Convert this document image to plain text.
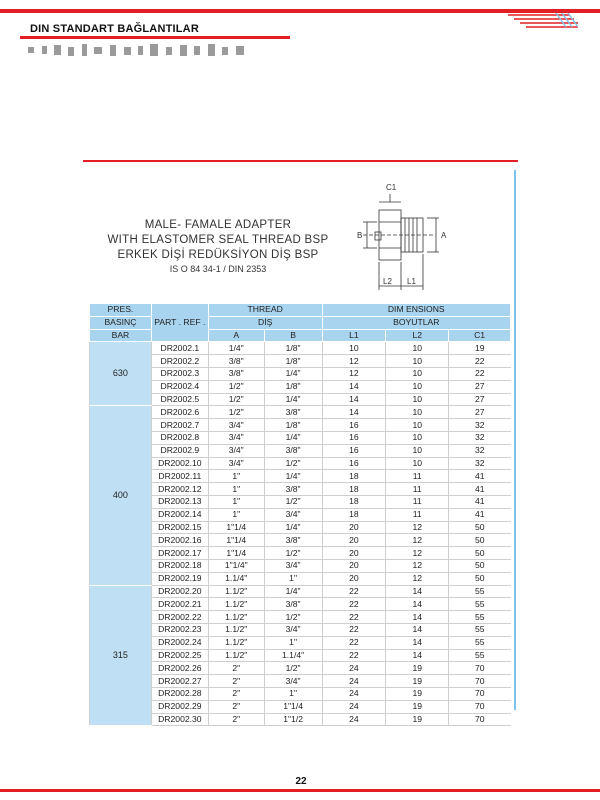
DIN STANDART BAĞLANTILAR
MALE- FAMALE ADAPTER
WITH ELASTOMER SEAL THREAD BSP
ERKEK DİŞİ REDÜKSİYON DİŞ BSP
IS O 84 34-1 / DIN 2353
C1
A
B
L2 L1
PRES.	PART . REF .	THREAD		DIM ENSIONS		
BASINÇ		DİŞ		BOYUTLAR		
BAR		A	B	L1	L2	C1
630	DR2002.1	1/4"	1/8"	10	10	19
	DR2002.2	3/8"	1/8"	12	10	22
	DR2002.3	3/8"	1/4"	12	10	22
	DR2002.4	1/2"	1/8"	14	10	27
	DR2002.5	1/2"	1/4"	14	10	27
400	DR2002.6	1/2"	3/8"	14	10	27
	DR2002.7	3/4"	1/8"	16	10	32
	DR2002.8	3/4"	1/4"	16	10	32
	DR2002.9	3/4"	3/8"	16	10	32
	DR2002.10	3/4"	1/2"	16	10	32
	DR2002.11	1"	1/4"	18	11	41
	DR2002.12	1"	3/8"	18	11	41
	DR2002.13	1"	1/2"	18	11	41
	DR2002.14	1"	3/4"	18	11	41
	DR2002.15	1"1/4	1/4"	20	12	50
	DR2002.16	1"1/4	3/8"	20	12	50
	DR2002.17	1"1/4	1/2"	20	12	50
	DR2002.18	1"1/4"	3/4"	20	12	50
	DR2002.19	1.1/4"	1"	20	12	50
315	DR2002.20	1.1/2"	1/4"	22	14	55
	DR2002.21	1.1/2"	3/8"	22	14	55
	DR2002.22	1.1/2"	1/2"	22	14	55
	DR2002.23	1.1/2"	3/4"	22	14	55
	DR2002.24	1.1/2"	1"	22	14	55
	DR2002.25	1.1/2"	1.1/4"	22	14	55
	DR2002.26	2"	1/2"	24	19	70
	DR2002.27	2"	3/4"	24	19	70
	DR2002.28	2"	1"	24	19	70
	DR2002.29	2"	1"1/4	24	19	70
	DR2002.30	2"	1"1/2	24	19	70
22
